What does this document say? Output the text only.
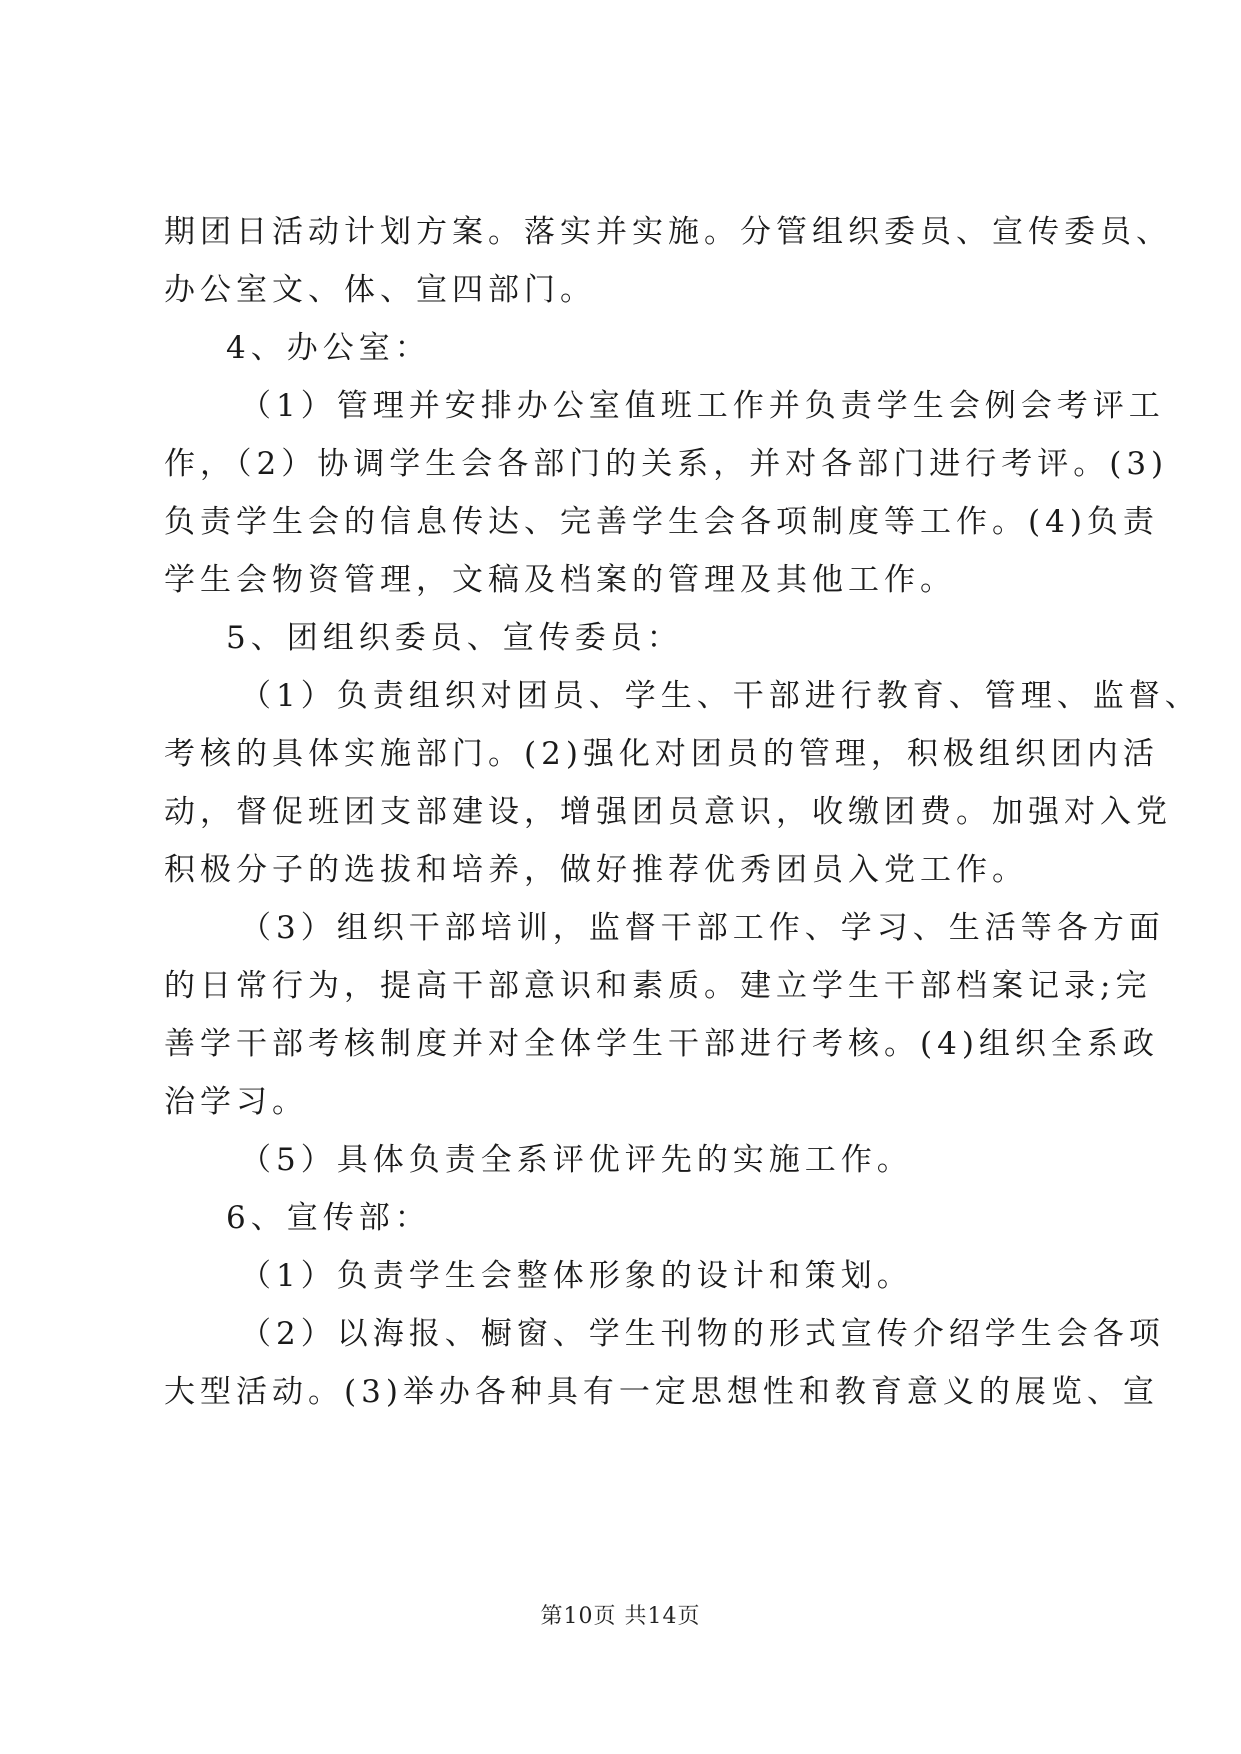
期团日活动计划方案。落实并实施。分管组织委员、宣传委员、
办公室文、体、宣四部门。
4、办公室：
（1）管理并安排办公室值班工作并负责学生会例会考评工
作，（2）协调学生会各部门的关系，并对各部门进行考评。(3)
负责学生会的信息传达、完善学生会各项制度等工作。(4)负责
学生会物资管理，文稿及档案的管理及其他工作。
5、团组织委员、宣传委员：
（1）负责组织对团员、学生、干部进行教育、管理、监督、
考核的具体实施部门。(2)强化对团员的管理，积极组织团内活
动，督促班团支部建设，增强团员意识，收缴团费。加强对入党
积极分子的选拔和培养，做好推荐优秀团员入党工作。
（3）组织干部培训，监督干部工作、学习、生活等各方面
的日常行为，提高干部意识和素质。建立学生干部档案记录;完
善学干部考核制度并对全体学生干部进行考核。(4)组织全系政
治学习。
（5）具体负责全系评优评先的实施工作。
6、宣传部：
（1）负责学生会整体形象的设计和策划。
（2）以海报、橱窗、学生刊物的形式宣传介绍学生会各项
大型活动。(3)举办各种具有一定思想性和教育意义的展览、宣
第10页 共14页
